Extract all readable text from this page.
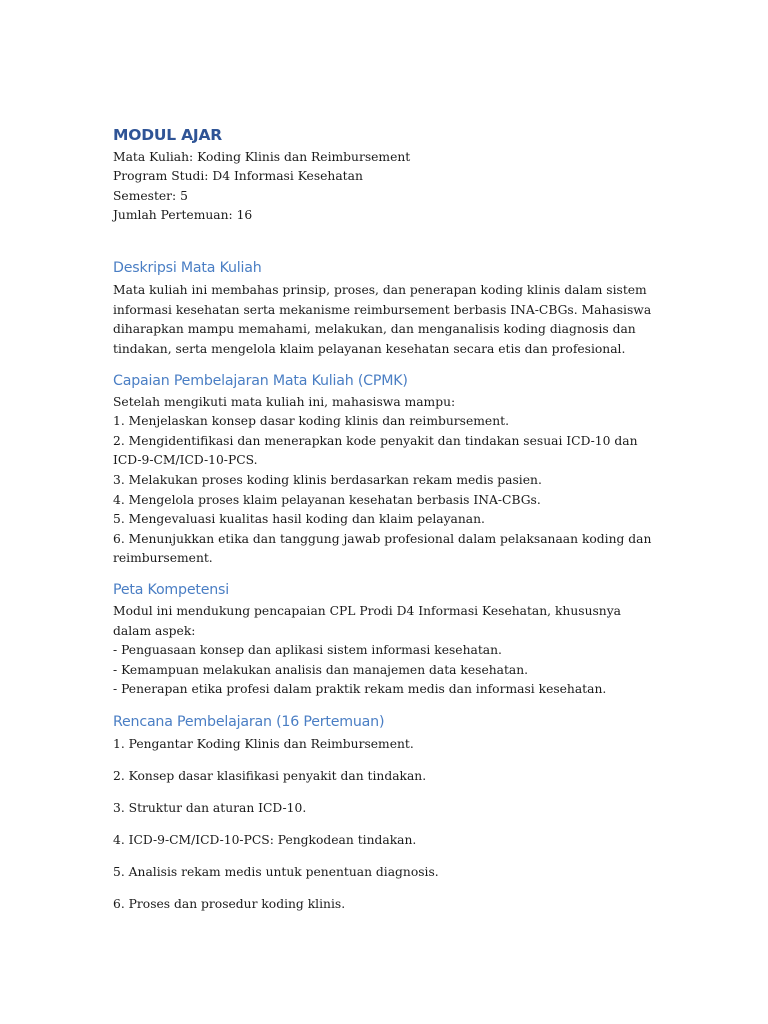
MODUL AJAR
Mata Kuliah: Koding Klinis dan Reimbursement
Program Studi: D4 Informasi Kesehatan
Semester: 5
Jumlah Pertemuan: 16
Deskripsi Mata Kuliah

Mata kuliah ini membahas prinsip, proses, dan penerapan koding klinis dalam sistem informasi kesehatan serta mekanisme reimbursement berbasis INA-CBGs. Mahasiswa diharapkan mampu memahami, melakukan, dan menganalisis koding diagnosis dan tindakan, serta mengelola klaim pelayanan kesehatan secara etis dan profesional.

Capaian Pembelajaran Mata Kuliah (CPMK)
Setelah mengikuti mata kuliah ini, mahasiswa mampu:
1. Menjelaskan konsep dasar koding klinis dan reimbursement.
2. Mengidentifikasi dan menerapkan kode penyakit dan tindakan sesuai ICD-10 dan ICD-9-CM/ICD-10-PCS.
3. Melakukan proses koding klinis berdasarkan rekam medis pasien.
4. Mengelola proses klaim pelayanan kesehatan berbasis INA-CBGs.
5. Mengevaluasi kualitas hasil koding dan klaim pelayanan.
6. Menunjukkan etika dan tanggung jawab profesional dalam pelaksanaan koding dan reimbursement.
Peta Kompetensi
Modul ini mendukung pencapaian CPL Prodi D4 Informasi Kesehatan, khususnya dalam aspek:
- Penguasaan konsep dan aplikasi sistem informasi kesehatan.
- Kemampuan melakukan analisis dan manajemen data kesehatan.
- Penerapan etika profesi dalam praktik rekam medis dan informasi kesehatan.
Rencana Pembelajaran (16 Pertemuan)
1. Pengantar Koding Klinis dan Reimbursement.
2. Konsep dasar klasifikasi penyakit dan tindakan.
3. Struktur dan aturan ICD-10.
4. ICD-9-CM/ICD-10-PCS: Pengkodean tindakan.
5. Analisis rekam medis untuk penentuan diagnosis.
6. Proses dan prosedur koding klinis.
